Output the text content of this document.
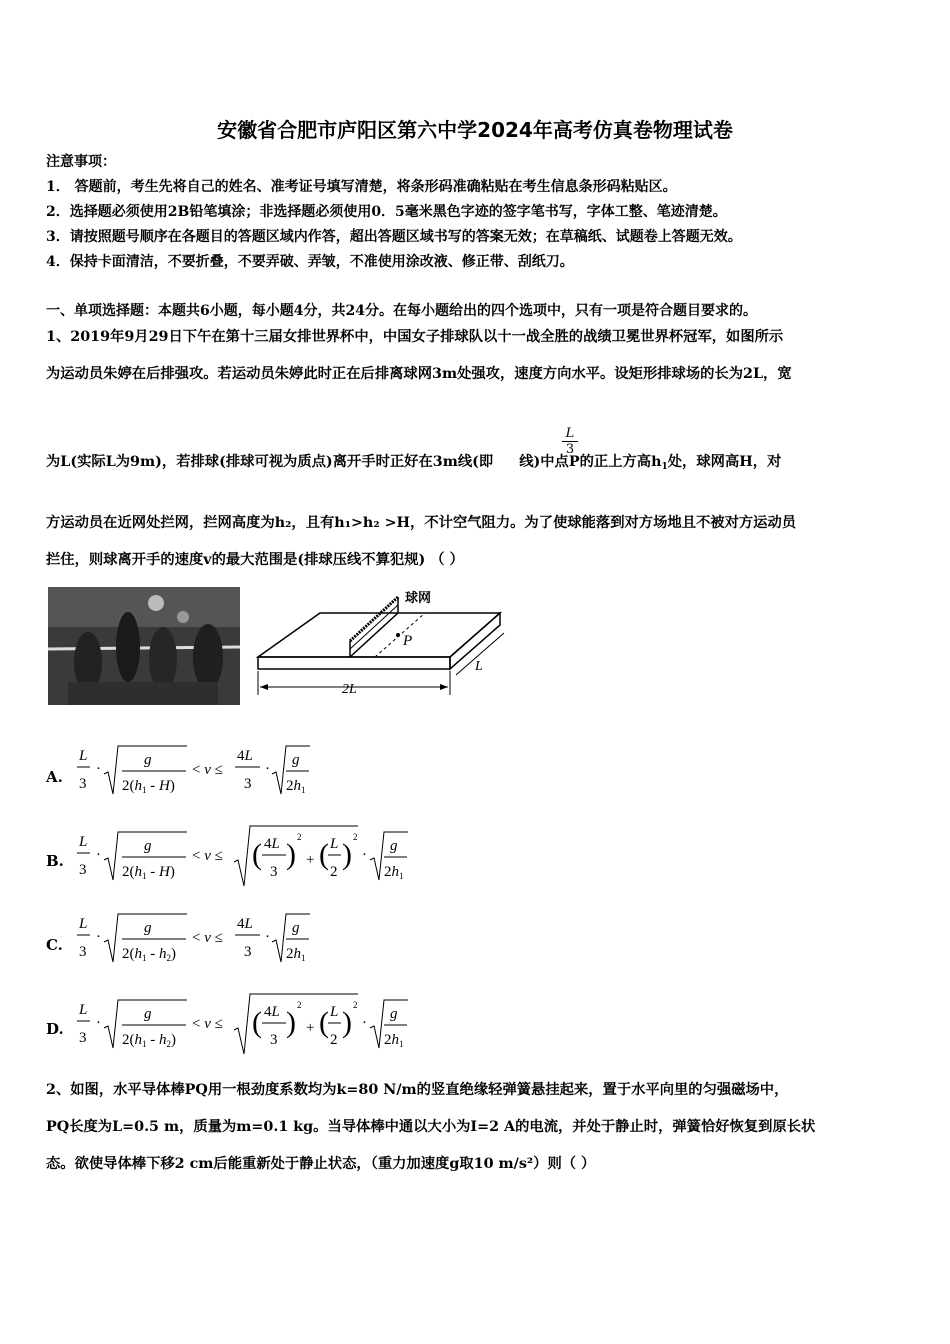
安徽省合肥市庐阳区第六中学2024年高考仿真卷物理试卷
注意事项：
1． 答题前，考生先将自己的姓名、准考证号填写清楚，将条形码准确粘贴在考生信息条形码粘贴区。
2．选择题必须使用2B铅笔填涂；非选择题必须使用0．5毫米黑色字迹的签字笔书写，字体工整、笔迹清楚。
3．请按照题号顺序在各题目的答题区域内作答，超出答题区域书写的答案无效；在草稿纸、试题卷上答题无效。
4．保持卡面清洁，不要折叠，不要弄破、弄皱，不准使用涂改液、修正带、刮纸刀。
一、单项选择题：本题共6小题，每小题4分，共24分。在每小题给出的四个选项中，只有一项是符合题目要求的。
1、2019年9月29日下午在第十三届女排世界杯中，中国女子排球队以十一战全胜的战绩卫冕世界杯冠军，如图所示
为运动员朱婷在后排强攻。若运动员朱婷此时正在后排离球网3m处强攻，速度方向水平。设矩形排球场的长为2L，宽
为L(实际L为9m)，若排球(排球可视为质点)离开手时正好在3m线(即 线)中点P的正上方高$h_1$处，球网高H，对
$\frac{L}{3}$
方运动员在近网处拦网，拦网高度为h₂，且有h₁>h₂ >H，不计空气阻力。为了使球能落到对方场地且不被对方运动员
拦住，则球离开手的速度v的最大范围是(排球压线不算犯规) （ ）
球网
P
2L
L
A.
L
3
·
g
$2(h_1 - H)$
< v ≤
4L
3
·
g
$2h_1$
B.
L
3
·
g
$2(h_1 - H)$
< v ≤ ( 4L
3
)
2
+ ( L
2
)
2
·
g
$2h_1$
C.
L
3
·
g
$2(h_1 - h_2)$
< v ≤
4L
3
·
g
$2h_1$
D.
L
3
·
g
$2(h_1 - h_2)$
< v ≤ ( 4L
3
)
2
+ ( L
2
)
2
·
g
$2h_1$
2、如图，水平导体棒PQ用一根劲度系数均为k=80 N/m的竖直绝缘轻弹簧悬挂起来，置于水平向里的匀强磁场中，
PQ长度为L=0.5 m，质量为m=0.1 kg。当导体棒中通以大小为I=2 A的电流，并处于静止时，弹簧恰好恢复到原长状
态。欲使导体棒下移2 cm后能重新处于静止状态，（重力加速度g取10 m/s²）则（ ）
